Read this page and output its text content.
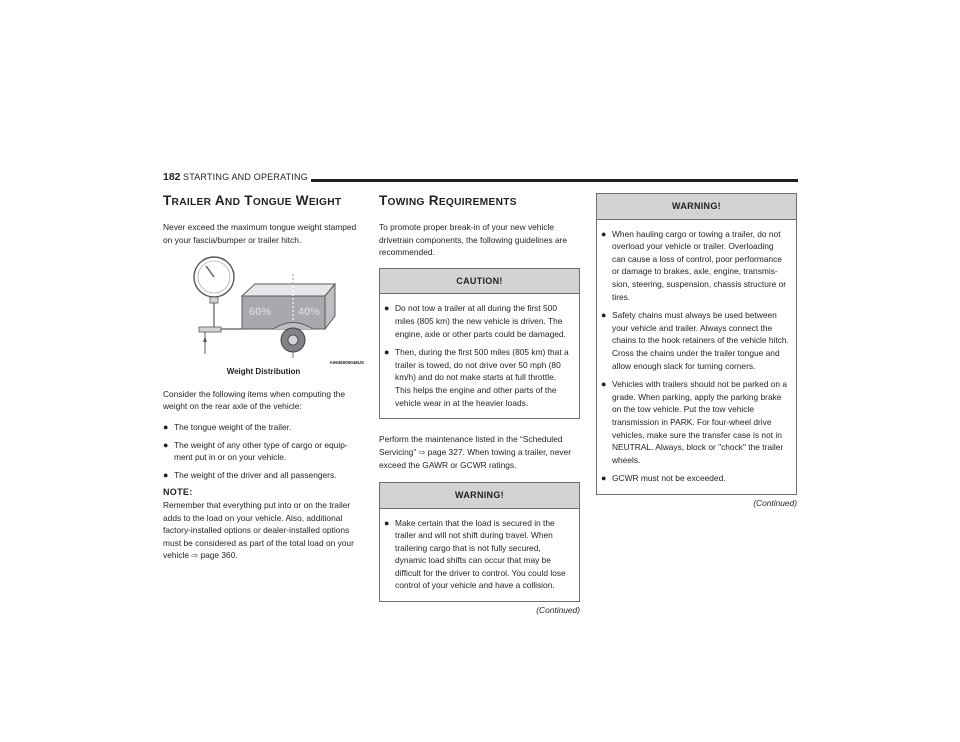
182 STARTING AND OPERATING
TRAILER AND TONGUE WEIGHT

Never exceed the maximum tongue weight stamped on your fascia/bumper or trailer hitch.

60% 40%
A0636000048US
Weight Distribution

Consider the following items when computing the weight on the rear axle of the vehicle:

● The tongue weight of the trailer.
● The weight of any other type of cargo or equip-ment put in or on your vehicle.
● The weight of the driver and all passengers.
NOTE:

Remember that everything put into or on the trailer adds to the load on your vehicle. Also, additional factory-installed options or dealer-installed options must be considered as part of the total load on your vehicle ⇨ page 360.

TOWING REQUIREMENTS

To promote proper break-in of your new vehicle drivetrain components, the following guidelines are recommended.

CAUTION!
● Do not tow a trailer at all during the first 500 miles (805 km) the new vehicle is driven. The engine, axle or other parts could be damaged.
● Then, during the first 500 miles (805 km) that a trailer is towed, do not drive over 50 mph (80 km/h) and do not make starts at full throttle. This helps the engine and other parts of the vehicle wear in at the heavier loads.

Perform the maintenance listed in the “Scheduled Servicing” ⇨ page 327. When towing a trailer, never exceed the GAWR or GCWR ratings.

WARNING!
● Make certain that the load is secured in the trailer and will not shift during travel. When trailering cargo that is not fully secured, dynamic load shifts can occur that may be difficult for the driver to control. You could lose control of your vehicle and have a collision.
(Continued)
WARNING!
● When hauling cargo or towing a trailer, do not overload your vehicle or trailer. Overloading can cause a loss of control, poor performance or damage to brakes, axle, engine, transmis-sion, steering, suspension, chassis structure or tires.
● Safety chains must always be used between your vehicle and trailer. Always connect the chains to the hook retainers of the vehicle hitch. Cross the chains under the trailer tongue and allow enough slack for turning corners.
● Vehicles with trailers should not be parked on a grade. When parking, apply the parking brake on the tow vehicle. Put the tow vehicle transmission in PARK. For four-wheel drive vehicles, make sure the transfer case is not in NEUTRAL. Always, block or "chock" the trailer wheels.
● GCWR must not be exceeded.
(Continued)
